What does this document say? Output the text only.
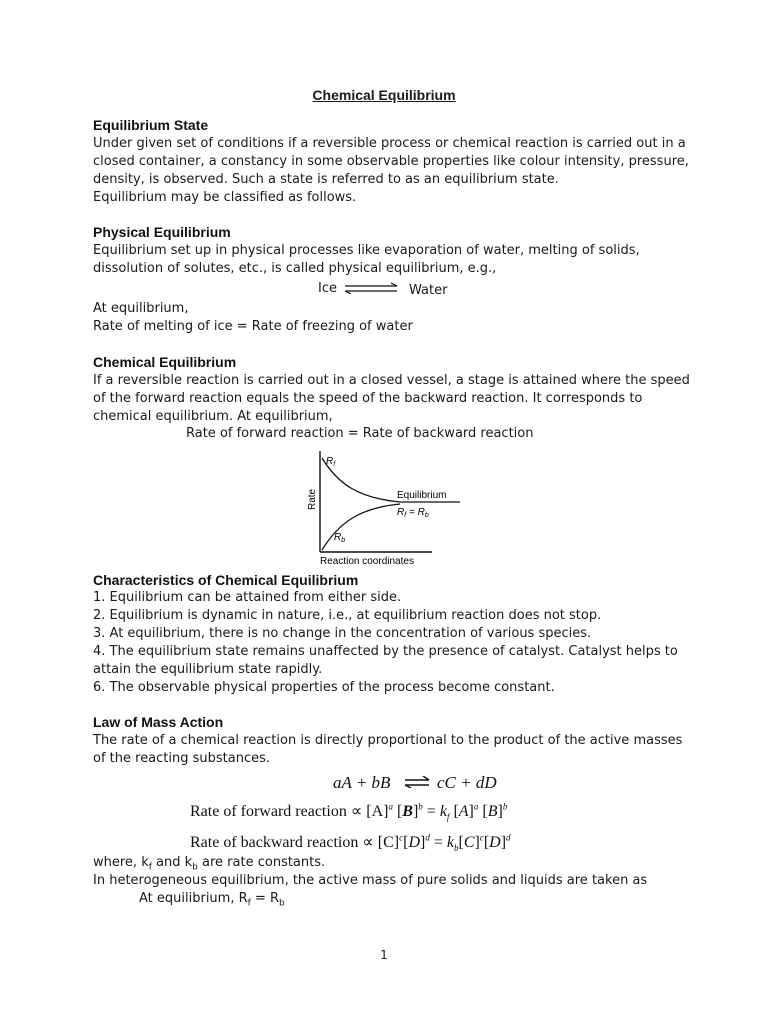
Chemical Equilibrium
Equilibrium State
Under given set of conditions if a reversible process or chemical reaction is carried out in a
closed container, a constancy in some observable properties like colour intensity, pressure,
density, is observed. Such a state is referred to as an equilibrium state.
Equilibrium may be classified as follows.
Physical Equilibrium
Equilibrium set up in physical processes like evaporation of water, melting of solids,
dissolution of solutes, etc., is called physical equilibrium, e.g.,
Ice ⇌ Water
At equilibrium,
Rate of melting of ice = Rate of freezing of water
Chemical Equilibrium
If a reversible reaction is carried out in a closed vessel, a stage is attained where the speed
of the forward reaction equals the speed of the backward reaction. It corresponds to
chemical equilibrium. At equilibrium,
Rate of forward reaction = Rate of backward reaction
$R_f$
$R_b$
Rate
Reaction coordinates
Equilibrium
$R_f = R_b$
Characteristics of Chemical Equilibrium
1. Equilibrium can be attained from either side.
2. Equilibrium is dynamic in nature, i.e., at equilibrium reaction does not stop.
3. At equilibrium, there is no change in the concentration of various species.
4. The equilibrium state remains unaffected by the presence of catalyst. Catalyst helps to
attain the equilibrium state rapidly.
6. The observable physical properties of the process become constant.
Law of Mass Action
The rate of a chemical reaction is directly proportional to the product of the active masses
of the reacting substances.
aA + bB	cC + dD
Rate of forward reaction ∝ $[A]^a$ $[B]^b = k_f$ $[A]^a$ $[B]^b$
Rate of backward reaction ∝ $[C]^c[D]^d = k_b[C]^c[D]^d$
where, $k_f$ and $k_b$ are rate constants.
In heterogeneous equilibrium, the active mass of pure solids and liquids are taken as
At equilibrium, $R_f = R_b$
1
